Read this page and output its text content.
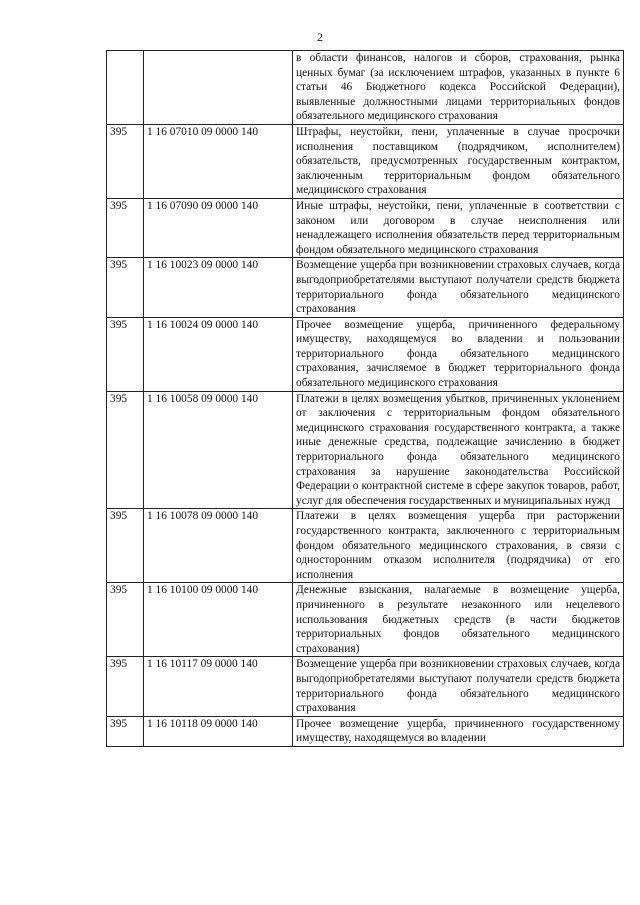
2
		в области финансов, налогов и сборов, страхования, рынка ценных бумаг (за исключением штрафов, указанных в пункте 6 статьи 46 Бюджетного кодекса Российской Федерации), выявленные должностными лицами территориальных фондов обязательного медицинского страхования
395	1 16 07010 09 0000 140	Штрафы, неустойки, пени, уплаченные в случае просрочки исполнения поставщиком (подрядчиком, исполнителем) обязательств, предусмотренных государственным контрактом, заключенным территориальным фондом обязательного медицинского страхования
395	1 16 07090 09 0000 140	Иные штрафы, неустойки, пени, уплаченные в соответствии с законом или договором в случае неисполнения или ненадлежащего исполнения обязательств перед территориальным фондом обязательного медицинского страхования
395	1 16 10023 09 0000 140	Возмещение ущерба при возникновении страховых случаев, когда выгодоприобретателями выступают получатели средств бюджета территориального фонда обязательного медицинского страхования
395	1 16 10024 09 0000 140	Прочее возмещение ущерба, причиненного федеральному имуществу, находящемуся во владении и пользовании территориального фонда обязательного медицинского страхования, зачисляемое в бюджет территориального фонда обязательного медицинского страхования
395	1 16 10058 09 0000 140	Платежи в целях возмещения убытков, причиненных уклонением от заключения с территориальным фондом обязательного медицинского страхования государственного контракта, а также иные денежные средства, подлежащие зачислению в бюджет территориального фонда обязательного медицинского страхования за нарушение законодательства Российской Федерации о контрактной системе в сфере закупок товаров, работ, услуг для обеспечения государственных и муниципальных нужд
395	1 16 10078 09 0000 140	Платежи в целях возмещения ущерба при расторжении государственного контракта, заключенного с территориальным фондом обязательного медицинского страхования, в связи с односторонним отказом исполнителя (подрядчика) от его исполнения
395	1 16 10100 09 0000 140	Денежные взыскания, налагаемые в возмещение ущерба, причиненного в результате незаконного или нецелевого использования бюджетных средств (в части бюджетов территориальных фондов обязательного медицинского страхования)
395	1 16 10117 09 0000 140	Возмещение ущерба при возникновении страховых случаев, когда выгодоприобретателями выступают получатели средств бюджета территориального фонда обязательного медицинского страхования
395	1 16 10118 09 0000 140	Прочее возмещение ущерба, причиненного государственному имуществу, находящемуся во владении
